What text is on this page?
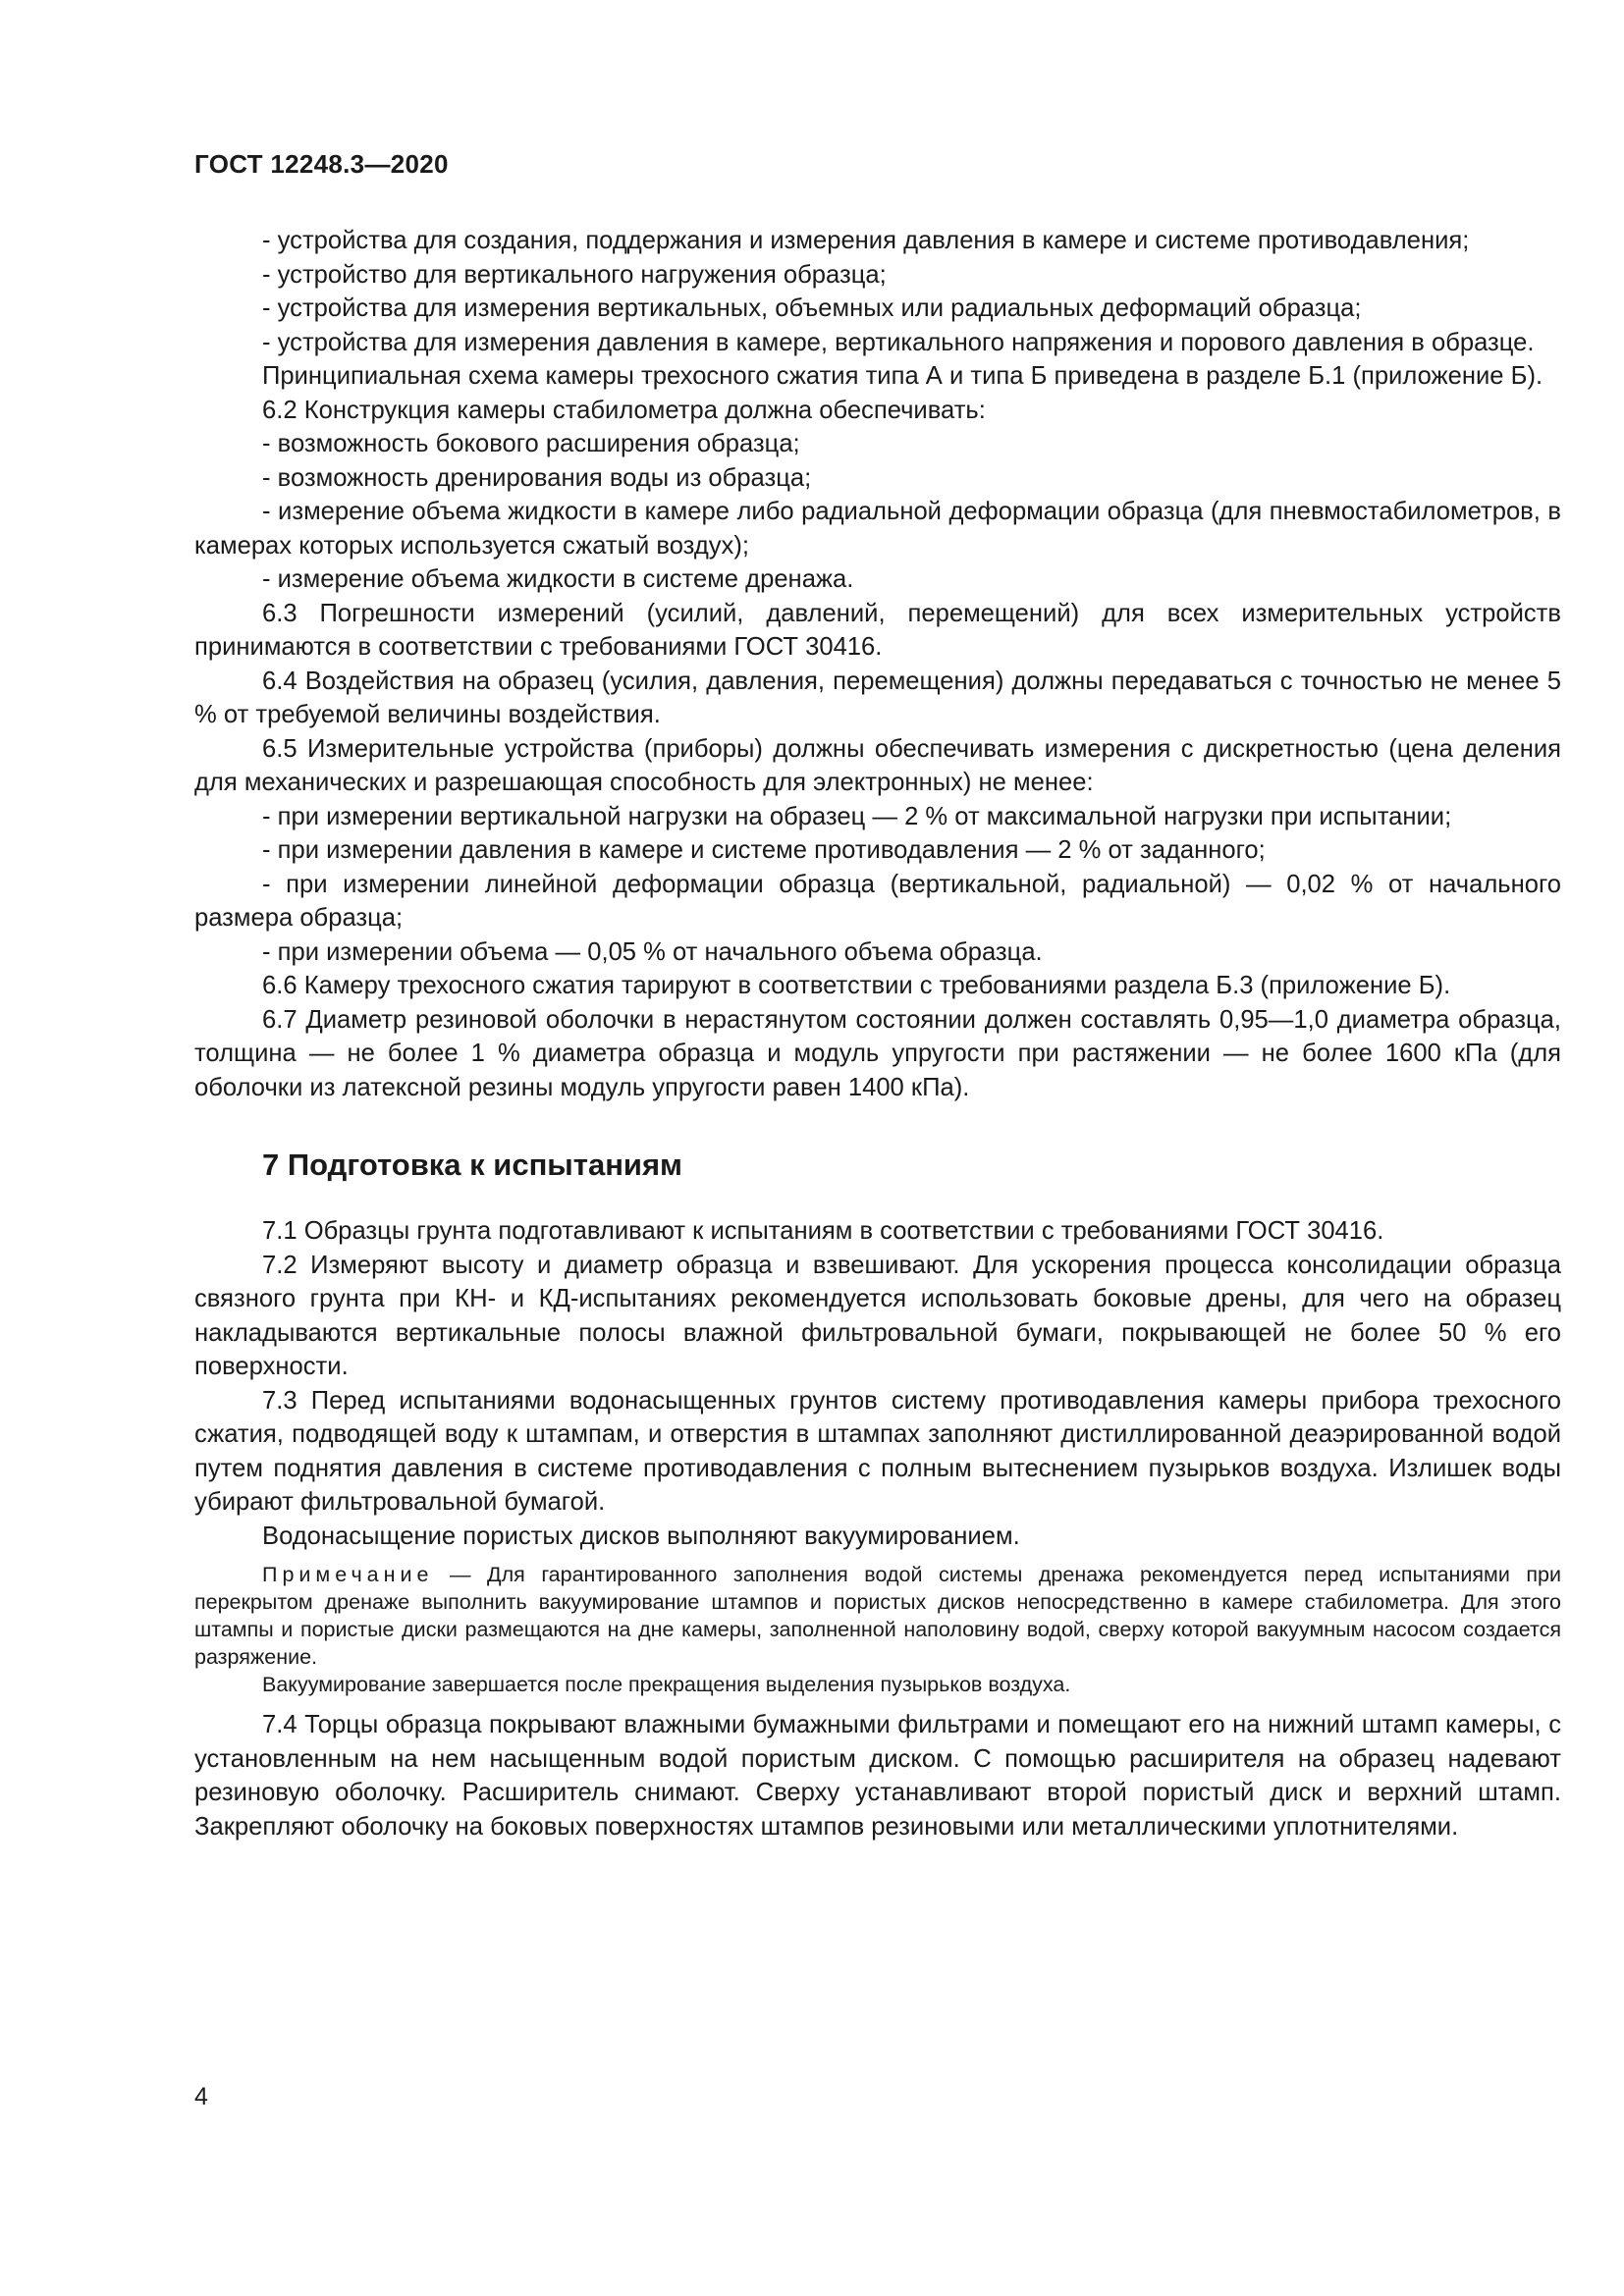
ГОСТ 12248.3—2020

- устройства для создания, поддержания и измерения давления в камере и системе противодавления;

- устройство для вертикального нагружения образца;

- устройства для измерения вертикальных, объемных или радиальных деформаций образца;

- устройства для измерения давления в камере, вертикального напряжения и порового давления в образце.

Принципиальная схема камеры трехосного сжатия типа А и типа Б приведена в разделе Б.1 (приложение Б).

6.2 Конструкция камеры стабилометра должна обеспечивать:

- возможность бокового расширения образца;

- возможность дренирования воды из образца;

- измерение объема жидкости в камере либо радиальной деформации образца (для пневмостабилометров, в камерах которых используется сжатый воздух);

- измерение объема жидкости в системе дренажа.

6.3 Погрешности измерений (усилий, давлений, перемещений) для всех измерительных устройств принимаются в соответствии с требованиями ГОСТ 30416.

6.4 Воздействия на образец (усилия, давления, перемещения) должны передаваться с точностью не менее 5 % от требуемой величины воздействия.

6.5 Измерительные устройства (приборы) должны обеспечивать измерения с дискретностью (цена деления для механических и разрешающая способность для электронных) не менее:

- при измерении вертикальной нагрузки на образец — 2 % от максимальной нагрузки при испытании;

- при измерении давления в камере и системе противодавления — 2 % от заданного;

- при измерении линейной деформации образца (вертикальной, радиальной) — 0,02 % от начального размера образца;

- при измерении объема — 0,05 % от начального объема образца.

6.6 Камеру трехосного сжатия тарируют в соответствии с требованиями раздела Б.3 (приложение Б).

6.7 Диаметр резиновой оболочки в нерастянутом состоянии должен составлять 0,95—1,0 диаметра образца, толщина — не более 1 % диаметра образца и модуль упругости при растяжении — не более 1600 кПа (для оболочки из латексной резины модуль упругости равен 1400 кПа).

7 Подготовка к испытаниям

7.1 Образцы грунта подготавливают к испытаниям в соответствии с требованиями ГОСТ 30416.

7.2 Измеряют высоту и диаметр образца и взвешивают. Для ускорения процесса консолидации образца связного грунта при КН- и КД-испытаниях рекомендуется использовать боковые дрены, для чего на образец накладываются вертикальные полосы влажной фильтровальной бумаги, покрывающей не более 50 % его поверхности.

7.3 Перед испытаниями водонасыщенных грунтов систему противодавления камеры прибора трехосного сжатия, подводящей воду к штампам, и отверстия в штампах заполняют дистиллированной деаэрированной водой путем поднятия давления в системе противодавления с полным вытеснением пузырьков воздуха. Излишек воды убирают фильтровальной бумагой.

Водонасыщение пористых дисков выполняют вакуумированием.

Примечание — Для гарантированного заполнения водой системы дренажа рекомендуется перед испытаниями при перекрытом дренаже выполнить вакуумирование штампов и пористых дисков непосредственно в камере стабилометра. Для этого штампы и пористые диски размещаются на дне камеры, заполненной наполовину водой, сверху которой вакуумным насосом создается разряжение.

Вакуумирование завершается после прекращения выделения пузырьков воздуха.

7.4 Торцы образца покрывают влажными бумажными фильтрами и помещают его на нижний штамп камеры, с установленным на нем насыщенным водой пористым диском. С помощью расширителя на образец надевают резиновую оболочку. Расширитель снимают. Сверху устанавливают второй пористый диск и верхний штамп. Закрепляют оболочку на боковых поверхностях штампов резиновыми или металлическими уплотнителями.

4
